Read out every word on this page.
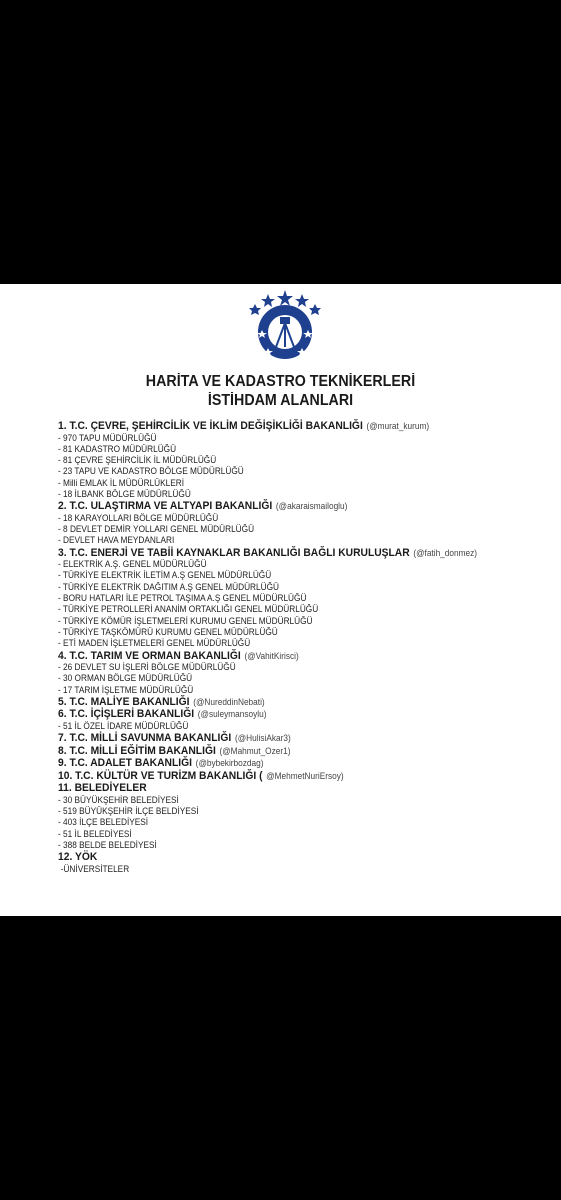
HARİTA VE KADASTRO TEKNİKERLERİ
İSTİHDAM ALANLARI
1. T.C. ÇEVRE, ŞEHİRCİLİK VE İKLİM DEĞİŞİKLİĞİ BAKANLIĞI (@murat_kurum)
- 970 TAPU MÜDÜRLÜĞÜ
- 81 KADASTRO MÜDÜRLÜĞÜ
- 81 ÇEVRE ŞEHİRCİLİK İL MÜDÜRLÜĞÜ
- 23 TAPU VE KADASTRO BÖLGE MÜDÜRLÜĞÜ
- Milli EMLAK İL MÜDÜRLÜKLERİ
- 18 İLBANK BÖLGE MÜDÜRLÜĞÜ
2. T.C. ULAŞTIRMA VE ALTYAPI BAKANLIĞI (@akaraismailoglu)
- 18 KARAYOLLARI BÖLGE MÜDÜRLÜĞÜ
- 8 DEVLET DEMİR YOLLARI GENEL MÜDÜRLÜĞÜ
- DEVLET HAVA MEYDANLARI
3. T.C. ENERJİ VE TABİİ KAYNAKLAR BAKANLIĞI BAĞLI KURULUŞLAR (@fatih_donmez)
- ELEKTRİK A.Ş. GENEL MÜDÜRLÜĞÜ
- TÜRKİYE ELEKTRİK İLETİM A.Ş GENEL MÜDÜRLÜĞÜ
- TÜRKİYE ELEKTRİK DAĞITIM A.Ş GENEL MÜDÜRLÜĞÜ
- BORU HATLARI İLE PETROL TAŞIMA A.Ş GENEL MÜDÜRLÜĞÜ
- TÜRKİYE PETROLLERİ ANANİM ORTAKLIĞI GENEL MÜDÜRLÜĞÜ
- TÜRKİYE KÖMÜR İŞLETMELERİ KURUMU GENEL MÜDÜRLÜĞÜ
- TÜRKİYE TAŞKÖMÜRÜ KURUMU GENEL MÜDÜRLÜĞÜ
- ETİ MADEN İŞLETMELERİ GENEL MÜDÜRLÜĞÜ
4. T.C. TARIM VE ORMAN BAKANLIĞI (@VahitKirisci)
- 26 DEVLET SU İŞLERİ BÖLGE MÜDÜRLÜĞÜ
- 30 ORMAN BÖLGE MÜDÜRLÜĞÜ
- 17 TARIM İŞLETME MÜDÜRLÜĞÜ
5. T.C. MALİYE BAKANLIĞI (@NureddinNebati)
6. T.C. İÇİŞLERİ BAKANLIĞI (@suleymansoylu)
- 51 İL ÖZEL İDARE MÜDÜRLÜĞÜ
7. T.C. MİLLİ SAVUNMA BAKANLIĞI (@HulisiAkar3)
8. T.C. MİLLİ EĞİTİM BAKANLIĞI (@Mahmut_Ozer1)
9. T.C. ADALET BAKANLIĞI (@bybekirbozdag)
10. T.C. KÜLTÜR VE TURİZM BAKANLIĞI ( @MehmetNuriErsoy)
11. BELEDİYELER
- 30 BÜYÜKŞEHİR BELEDİYESİ
- 519 BÜYÜKŞEHİR İLÇE BELDİYESİ
- 403 İLÇE BELEDİYESİ
- 51 İL BELEDİYESİ
- 388 BELDE BELEDİYESİ
12. YÖK
-ÜNİVERSİTELER
